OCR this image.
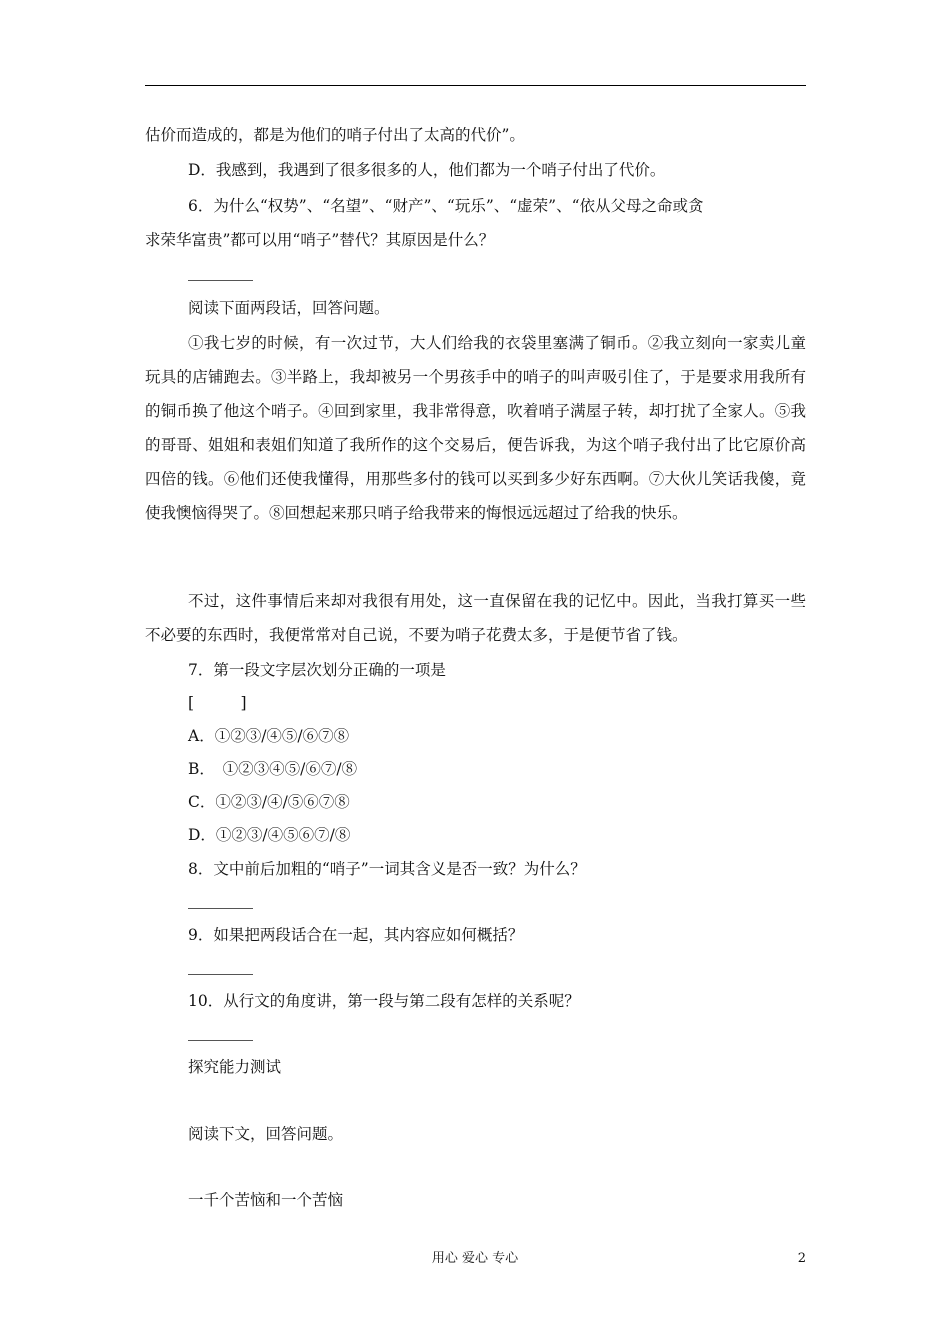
估价而造成的，都是为他们的哨子付出了太高的代价”。
D．我感到，我遇到了很多很多的人，他们都为一个哨子付出了代价。
6．为什么“权势”、“名望”、“财产”、“玩乐”、“虚荣”、“依从父母之命或贪
求荣华富贵”都可以用“哨子”替代？其原因是什么？
阅读下面两段话，回答问题。
①我七岁的时候，有一次过节，大人们给我的衣袋里塞满了铜币。②我立刻向一家卖儿童玩具的店铺跑去。③半路上，我却被另一个男孩手中的哨子的叫声吸引住了，于是要求用我所有的铜币换了他这个哨子。④回到家里，我非常得意，吹着哨子满屋子转，却打扰了全家人。⑤我的哥哥、姐姐和表姐们知道了我所作的这个交易后，便告诉我，为这个哨子我付出了比它原价高四倍的钱。⑥他们还使我懂得，用那些多付的钱可以买到多少好东西啊。⑦大伙儿笑话我傻，竟使我懊恼得哭了。⑧回想起来那只哨子给我带来的悔恨远远超过了给我的快乐。
不过，这件事情后来却对我很有用处，这一直保留在我的记忆中。因此，当我打算买一些不必要的东西时，我便常常对自己说，不要为哨子花费太多，于是便节省了钱。
7．第一段文字层次划分正确的一项是
[　　　]
A．①②③/④⑤/⑥⑦⑧
B．　①②③④⑤/⑥⑦/⑧
C．①②③/④/⑤⑥⑦⑧
D．①②③/④⑤⑥⑦/⑧
8．文中前后加粗的“哨子”一词其含义是否一致？为什么？
9．如果把两段话合在一起，其内容应如何概括？
10．从行文的角度讲，第一段与第二段有怎样的关系呢？
探究能力测试
阅读下文，回答问题。
一千个苦恼和一个苦恼
用心 爱心 专心	2
